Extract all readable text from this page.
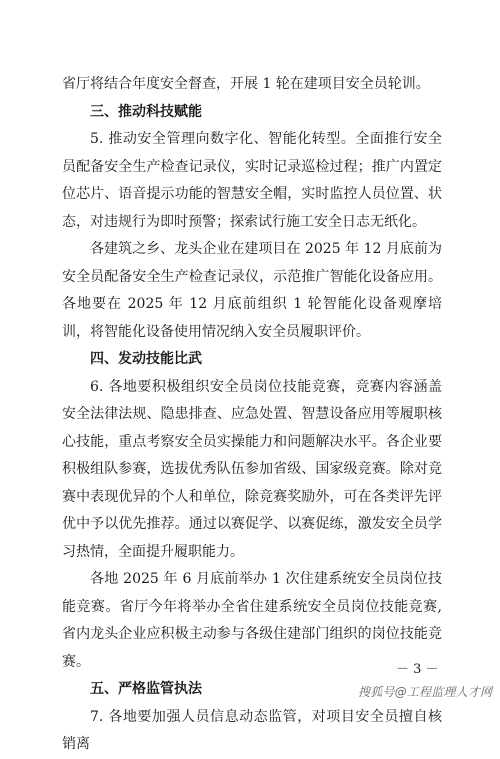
省厅将结合年度安全督查，开展 1 轮在建项目安全员轮训。

三、推动科技赋能

5. 推动安全管理向数字化、智能化转型。全面推行安全员配备安全生产检查记录仪，实时记录巡检过程；推广内置定位芯片、语音提示功能的智慧安全帽，实时监控人员位置、状态，对违规行为即时预警；探索试行施工安全日志无纸化。

各建筑之乡、龙头企业在建项目在 2025 年 12 月底前为安全员配备安全生产检查记录仪，示范推广智能化设备应用。各地要在 2025 年 12 月底前组织 1 轮智能化设备观摩培训，将智能化设备使用情况纳入安全员履职评价。

四、发动技能比武

6. 各地要积极组织安全员岗位技能竞赛，竞赛内容涵盖安全法律法规、隐患排查、应急处置、智慧设备应用等履职核心技能，重点考察安全员实操能力和问题解决水平。各企业要积极组队参赛，选拔优秀队伍参加省级、国家级竞赛。除对竞赛中表现优异的个人和单位，除竞赛奖励外，可在各类评先评优中予以优先推荐。通过以赛促学、以赛促练，激发安全员学习热情，全面提升履职能力。

各地 2025 年 6 月底前举办 1 次住建系统安全员岗位技能竞赛。省厅今年将举办全省住建系统安全员岗位技能竞赛,省内龙头企业应积极主动参与各级住建部门组织的岗位技能竞赛。

五、严格监管执法

7. 各地要加强人员信息动态监管，对项目安全员擅自核销离

－ 3 －
搜狐号@工程监理人才网
